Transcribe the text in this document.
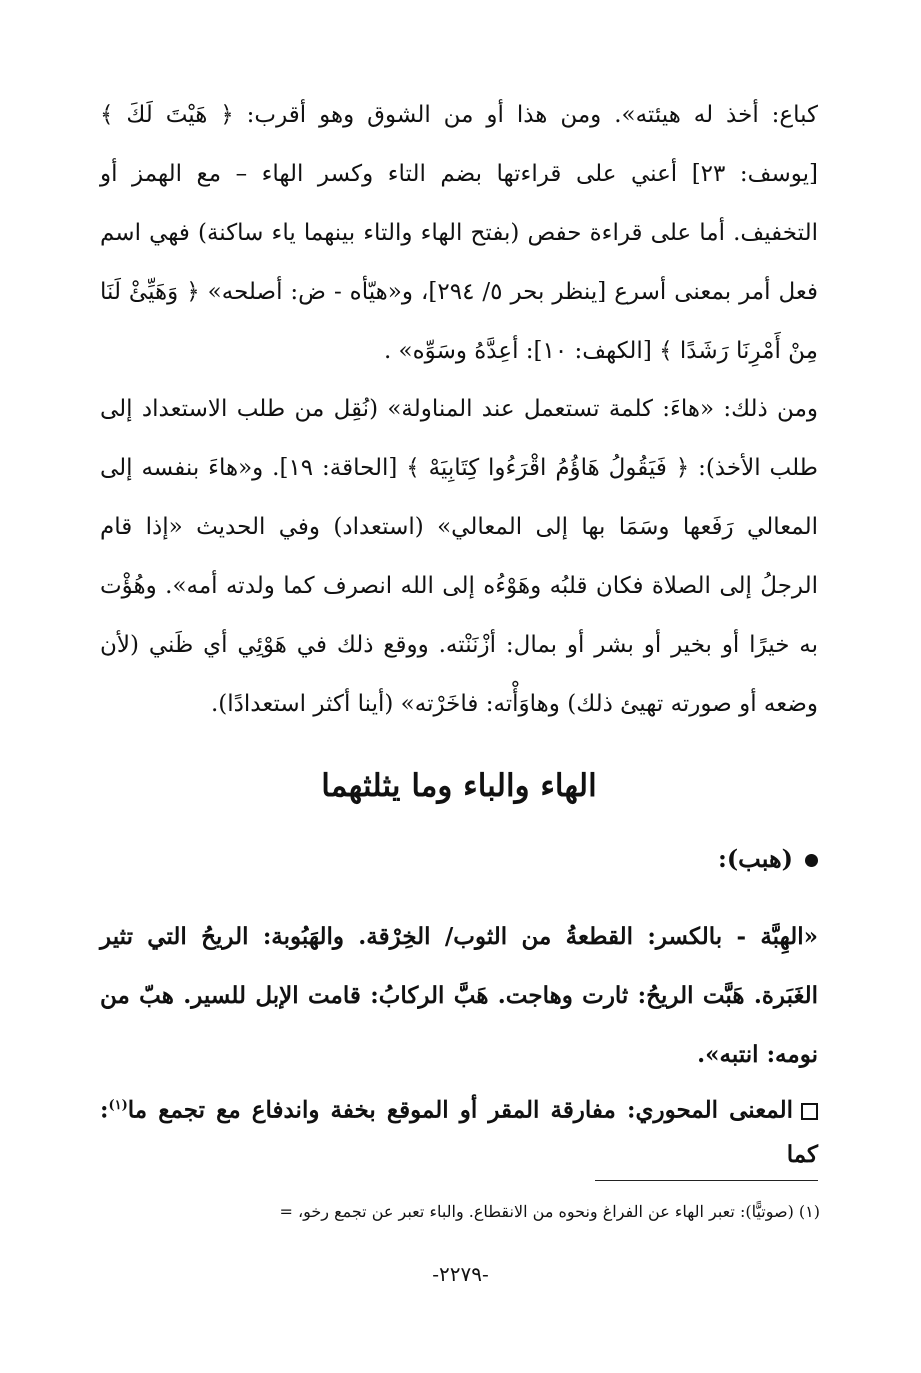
كباع: أخذ له هيئته». ومن هذا أو من الشوق وهو أقرب: ﴿ هَيْتَ لَكَ ﴾ [يوسف: ٢٣] أعني على قراءتها بضم التاء وكسر الهاء – مع الهمز أو التخفيف. أما على قراءة حفص (بفتح الهاء والتاء بينهما ياء ساكنة) فهي اسم فعل أمر بمعنى أسرع [ينظر بحر ٥/ ٢٩٤]، و«هيّأه - ض: أصلحه» ﴿ وَهَيِّئْ لَنَا مِنْ أَمْرِنَا رَشَدًا ﴾ [الكهف: ١٠]: أعِدَّهُ وسَوِّه» .

ومن ذلك: «هاءَ: كلمة تستعمل عند المناولة» (نُقِل من طلب الاستعداد إلى طلب الأخذ): ﴿ فَيَقُولُ هَاؤُمُ اقْرَءُوا كِتَابِيَهْ ﴾ [الحاقة: ١٩]. و«هاءَ بنفسه إلى المعالي رَفَعها وسَمَا بها إلى المعالي» (استعداد) وفي الحديث «إذا قام الرجلُ إلى الصلاة فكان قلبُه وهَوْءُه إلى الله انصرف كما ولدته أمه». وهُؤْت به خيرًا أو بخير أو بشر أو بمال: أزْنَنْته. ووقع ذلك في هَوْئِي أي ظَني (لأن وضعه أو صورته تهيئ ذلك) وهاوَأْته: فاخَرْته» (أينا أكثر استعدادًا).

الهاء والباء وما يثلثهما
(هبب):

«الهِبَّة - بالكسر: القطعةُ من الثوب/ الخِرْقة. والهَبُوبة: الريحُ التي تثير الغَبَرة. هَبَّت الريحُ: ثارت وهاجت. هَبَّ الركابُ: قامت الإبل للسير. هبّ من نومه: انتبه».

المعنى المحوري: مفارقة المقر أو الموقع بخفة واندفاع مع تجمع ما$^{(١)}$: كما
(١) (صوتيًّا): تعبر الهاء عن الفراغ ونحوه من الانقطاع. والباء تعبر عن تجمع رخو، =
-٢٢٧٩-
